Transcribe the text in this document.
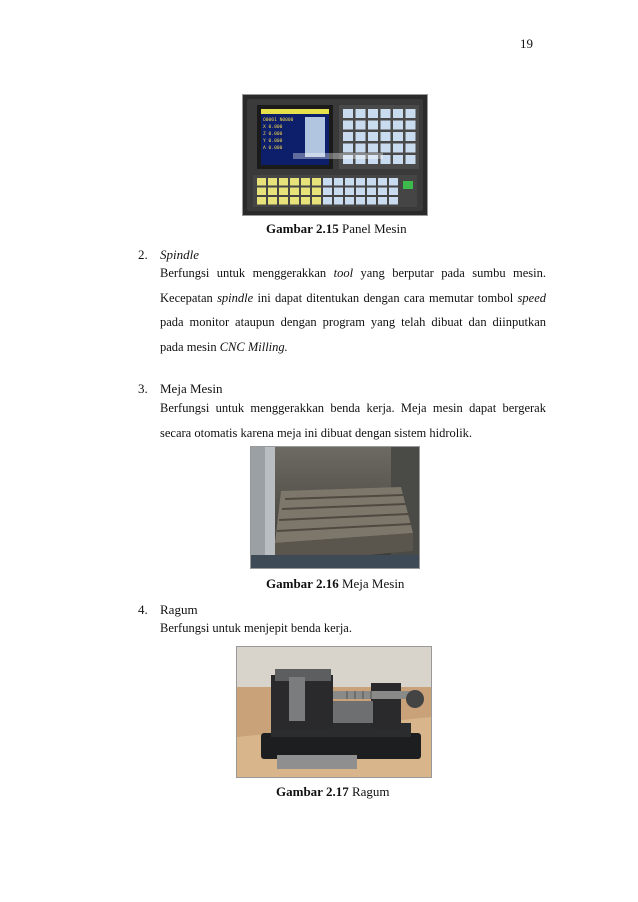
19
O0001 N0000
X 0.000
Z 0.000
Y 0.000
A 0.000
Gambar 2.15 Panel Mesin
2. Spindle
Berfungsi untuk menggerakkan tool yang berputar pada sumbu mesin.
Kecepatan spindle ini dapat ditentukan dengan cara memutar tombol speed
pada monitor ataupun dengan program yang telah dibuat dan diinputkan
pada mesin CNC Milling.
3. Meja Mesin
Berfungsi untuk menggerakkan benda kerja. Meja mesin dapat bergerak
secara otomatis karena meja ini dibuat dengan sistem hidrolik.
Gambar 2.16 Meja Mesin
4. Ragum
Berfungsi untuk menjepit benda kerja.
Gambar 2.17 Ragum
